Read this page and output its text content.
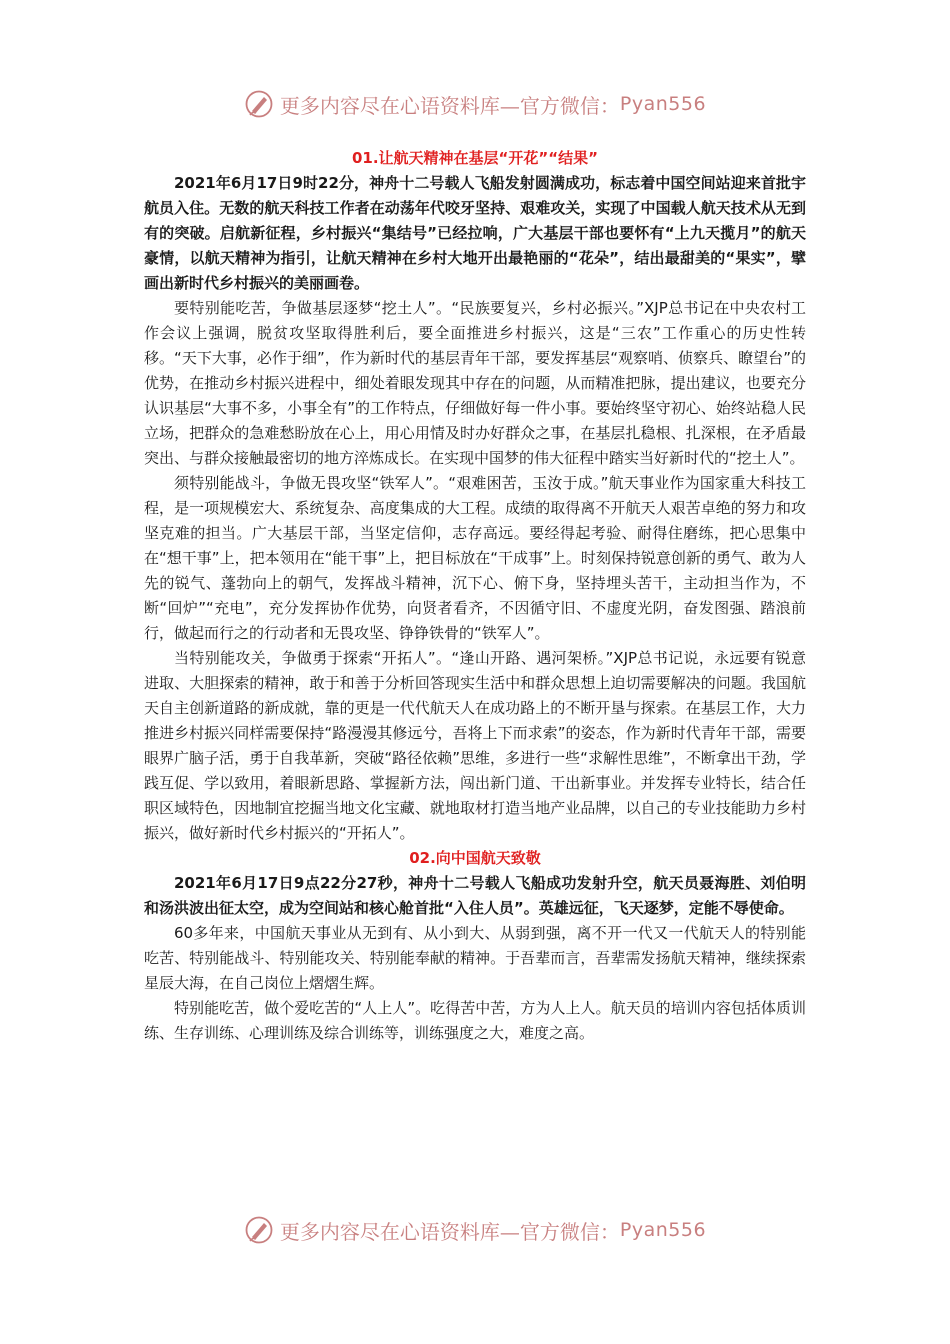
更多内容尽在心语资料库—官方微信： Pyan556
01.让航天精神在基层“开花”“结果”

2021年6月17日9时22分，神舟十二号载人飞船发射圆满成功，标志着中国空间站迎来首批宇航员入住。无数的航天科技工作者在动荡年代咬牙坚持、艰难攻关，实现了中国载人航天技术从无到有的突破。启航新征程，乡村振兴“集结号”已经拉响，广大基层干部也要怀有“上九天揽月”的航天豪情，以航天精神为指引，让航天精神在乡村大地开出最艳丽的“花朵”，结出最甜美的“果实”，擘画出新时代乡村振兴的美丽画卷。

要特别能吃苦，争做基层逐梦“挖土人”。“民族要复兴，乡村必振兴。”XJP总书记在中央农村工作会议上强调，脱贫攻坚取得胜利后，要全面推进乡村振兴，这是“三农”工作重心的历史性转移。“天下大事，必作于细”，作为新时代的基层青年干部，要发挥基层“观察哨、侦察兵、瞭望台”的优势，在推动乡村振兴进程中，细处着眼发现其中存在的问题，从而精准把脉，提出建议，也要充分认识基层“大事不多，小事全有”的工作特点，仔细做好每一件小事。要始终坚守初心、始终站稳人民立场，把群众的急难愁盼放在心上，用心用情及时办好群众之事，在基层扎稳根、扎深根，在矛盾最突出、与群众接触最密切的地方淬炼成长。在实现中国梦的伟大征程中踏实当好新时代的“挖土人”。

须特别能战斗，争做无畏攻坚“铁军人”。“艰难困苦，玉汝于成。”航天事业作为国家重大科技工程，是一项规模宏大、系统复杂、高度集成的大工程。成绩的取得离不开航天人艰苦卓绝的努力和攻坚克难的担当。广大基层干部，当坚定信仰，志存高远。要经得起考验、耐得住磨练，把心思集中在“想干事”上，把本领用在“能干事”上，把目标放在“干成事”上。时刻保持锐意创新的勇气、敢为人先的锐气、蓬勃向上的朝气，发挥战斗精神，沉下心、俯下身，坚持埋头苦干，主动担当作为，不断“回炉”“充电”，充分发挥协作优势，向贤者看齐，不因循守旧、不虚度光阴，奋发图强、踏浪前行，做起而行之的行动者和无畏攻坚、铮铮铁骨的“铁军人”。

当特别能攻关，争做勇于探索“开拓人”。“逢山开路、遇河架桥。”XJP总书记说，永远要有锐意进取、大胆探索的精神，敢于和善于分析回答现实生活中和群众思想上迫切需要解决的问题。我国航天自主创新道路的新成就，靠的更是一代代航天人在成功路上的不断开垦与探索。在基层工作，大力推进乡村振兴同样需要保持“路漫漫其修远兮，吾将上下而求索”的姿态，作为新时代青年干部，需要眼界广脑子活，勇于自我革新，突破“路径依赖”思维，多进行一些“求解性思维”，不断拿出干劲，学践互促、学以致用，着眼新思路、掌握新方法，闯出新门道、干出新事业。并发挥专业特长，结合任职区域特色，因地制宜挖掘当地文化宝藏、就地取材打造当地产业品牌，以自己的专业技能助力乡村振兴，做好新时代乡村振兴的“开拓人”。

02.向中国航天致敬

2021年6月17日9点22分27秒，神舟十二号载人飞船成功发射升空，航天员聂海胜、刘伯明和汤洪波出征太空，成为空间站和核心舱首批“入住人员”。英雄远征，飞天逐梦，定能不辱使命。

60多年来，中国航天事业从无到有、从小到大、从弱到强，离不开一代又一代航天人的特别能吃苦、特别能战斗、特别能攻关、特别能奉献的精神。于吾辈而言，吾辈需发扬航天精神，继续探索星辰大海，在自己岗位上熠熠生辉。

特别能吃苦，做个爱吃苦的“人上人”。吃得苦中苦，方为人上人。航天员的培训内容包括体质训练、生存训练、心理训练及综合训练等，训练强度之大，难度之高。

更多内容尽在心语资料库—官方微信： Pyan556
